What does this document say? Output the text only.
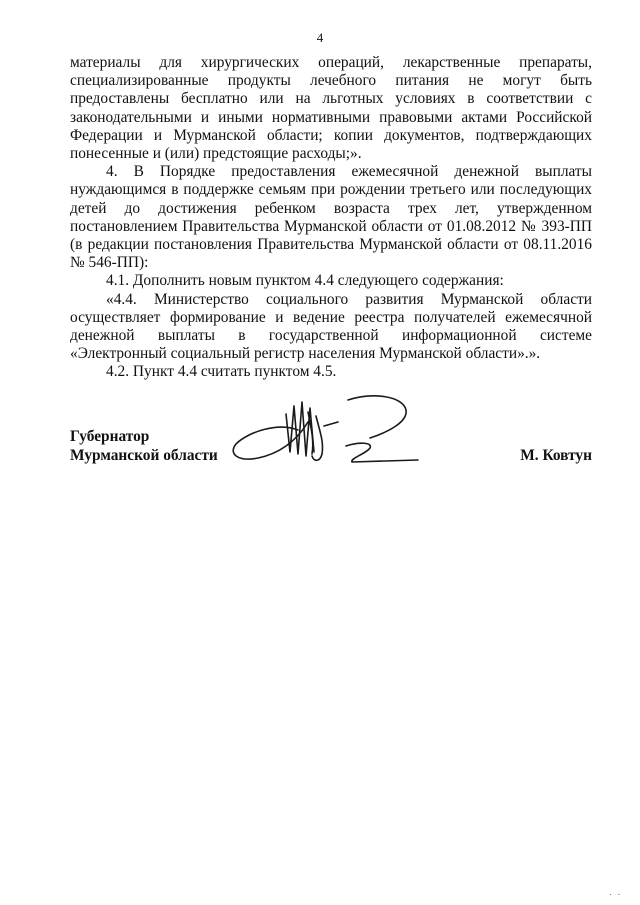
4

материалы для хирургических операций, лекарственные препараты, специализированные продукты лечебного питания не могут быть предоставлены бесплатно или на льготных условиях в соответствии с законодательными и иными нормативными правовыми актами Российской Федерации и Мурманской области; копии документов, подтверждающих понесенные и (или) предстоящие расходы;».

4. В Порядке предоставления ежемесячной денежной выплаты нуждающимся в поддержке семьям при рождении третьего или последующих детей до достижения ребенком возраста трех лет, утвержденном постановлением Правительства Мурманской области от 01.08.2012 № 393-ПП (в редакции постановления Правительства Мурманской области от 08.11.2016 № 546-ПП):

4.1. Дополнить новым пунктом 4.4 следующего содержания:

«4.4. Министерство социального развития Мурманской области осуществляет формирование и ведение реестра получателей ежемесячной денежной выплаты в государственной информационной системе «Электронный социальный регистр населения Мурманской области».».

4.2. Пункт 4.4 считать пунктом 4.5.

Губернатор
Мурманской области	М. Ковтун
. .
